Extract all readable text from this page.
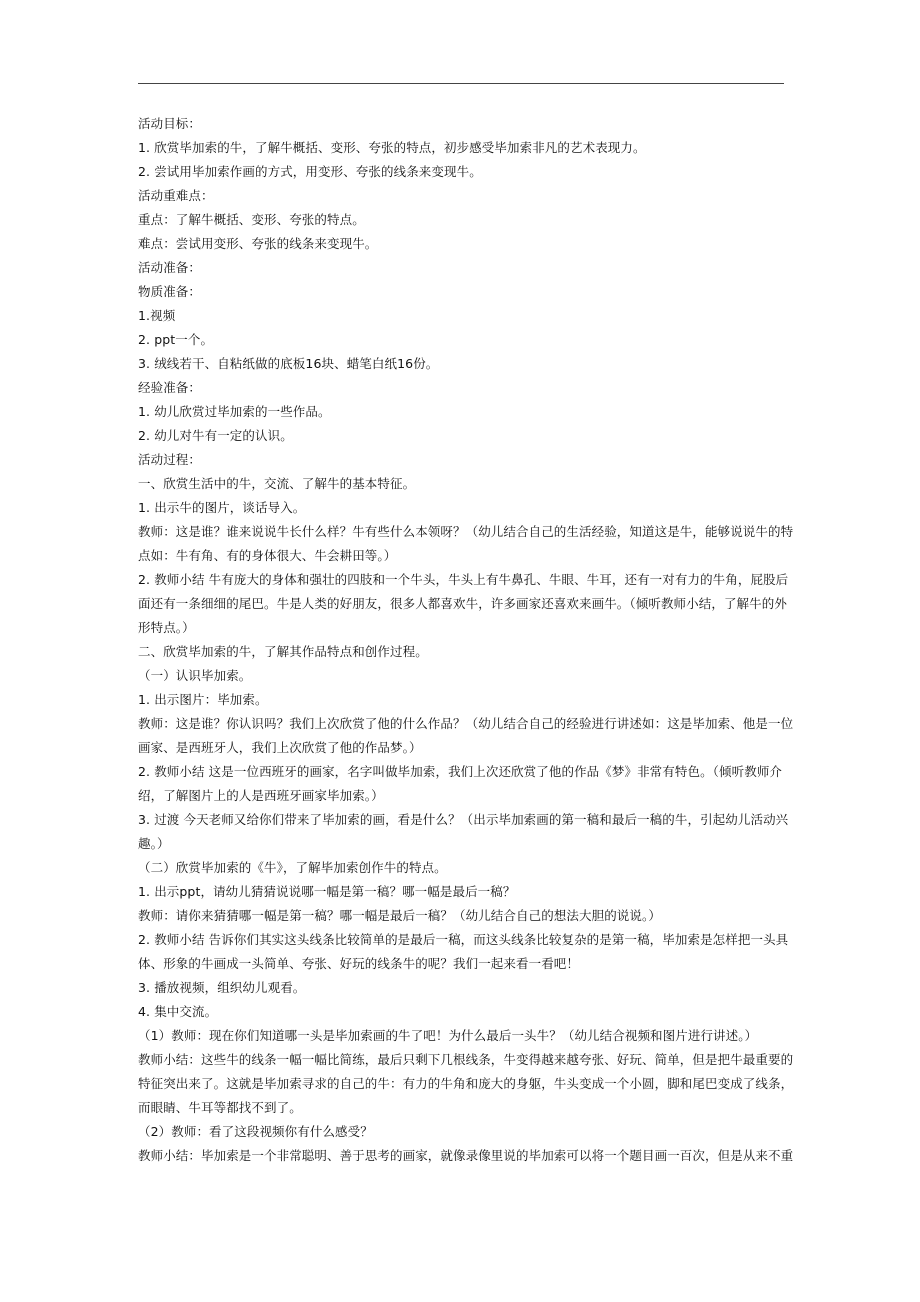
活动目标：
1. 欣赏毕加索的牛，了解牛概括、变形、夸张的特点，初步感受毕加索非凡的艺术表现力。
2. 尝试用毕加索作画的方式，用变形、夸张的线条来变现牛。
活动重难点：
重点：了解牛概括、变形、夸张的特点。
难点：尝试用变形、夸张的线条来变现牛。
活动准备：
物质准备：
1.视频
2. ppt一个。
3. 绒线若干、自粘纸做的底板16块、蜡笔白纸16份。
经验准备：
1. 幼儿欣赏过毕加索的一些作品。
2. 幼儿对牛有一定的认识。
活动过程：
一、欣赏生活中的牛，交流、了解牛的基本特征。
1. 出示牛的图片，谈话导入。
教师：这是谁？谁来说说牛长什么样？牛有些什么本领呀？（幼儿结合自己的生活经验，知道这是牛，能够说说牛的特
点如：牛有角、有的身体很大、牛会耕田等。）
2. 教师小结 牛有庞大的身体和强壮的四肢和一个牛头，牛头上有牛鼻孔、牛眼、牛耳，还有一对有力的牛角，屁股后
面还有一条细细的尾巴。牛是人类的好朋友，很多人都喜欢牛，许多画家还喜欢来画牛。（倾听教师小结，了解牛的外
形特点。）
二、欣赏毕加索的牛，了解其作品特点和创作过程。
（一）认识毕加索。
1. 出示图片：毕加索。
教师：这是谁？你认识吗？我们上次欣赏了他的什么作品？（幼儿结合自己的经验进行讲述如：这是毕加索、他是一位
画家、是西班牙人，我们上次欣赏了他的作品梦。）
2. 教师小结 这是一位西班牙的画家，名字叫做毕加索，我们上次还欣赏了他的作品《梦》非常有特色。（倾听教师介
绍，了解图片上的人是西班牙画家毕加索。）
3. 过渡 今天老师又给你们带来了毕加索的画，看是什么？（出示毕加索画的第一稿和最后一稿的牛，引起幼儿活动兴
趣。）
（二）欣赏毕加索的《牛》，了解毕加索创作牛的特点。
1. 出示ppt，请幼儿猜猜说说哪一幅是第一稿？哪一幅是最后一稿？
教师：请你来猜猜哪一幅是第一稿？哪一幅是最后一稿？（幼儿结合自己的想法大胆的说说。）
2. 教师小结 告诉你们其实这头线条比较简单的是最后一稿，而这头线条比较复杂的是第一稿，毕加索是怎样把一头具
体、形象的牛画成一头简单、夸张、好玩的线条牛的呢？我们一起来看一看吧！
3. 播放视频，组织幼儿观看。
4. 集中交流。
（1）教师：现在你们知道哪一头是毕加索画的牛了吧！为什么最后一头牛？（幼儿结合视频和图片进行讲述。）
教师小结：这些牛的线条一幅一幅比简练，最后只剩下几根线条，牛变得越来越夸张、好玩、简单，但是把牛最重要的
特征突出来了。这就是毕加索寻求的自己的牛：有力的牛角和庞大的身躯，牛头变成一个小圆，脚和尾巴变成了线条，
而眼睛、牛耳等都找不到了。
（2）教师：看了这段视频你有什么感受？
教师小结：毕加索是一个非常聪明、善于思考的画家，就像录像里说的毕加索可以将一个题目画一百次，但是从来不重
